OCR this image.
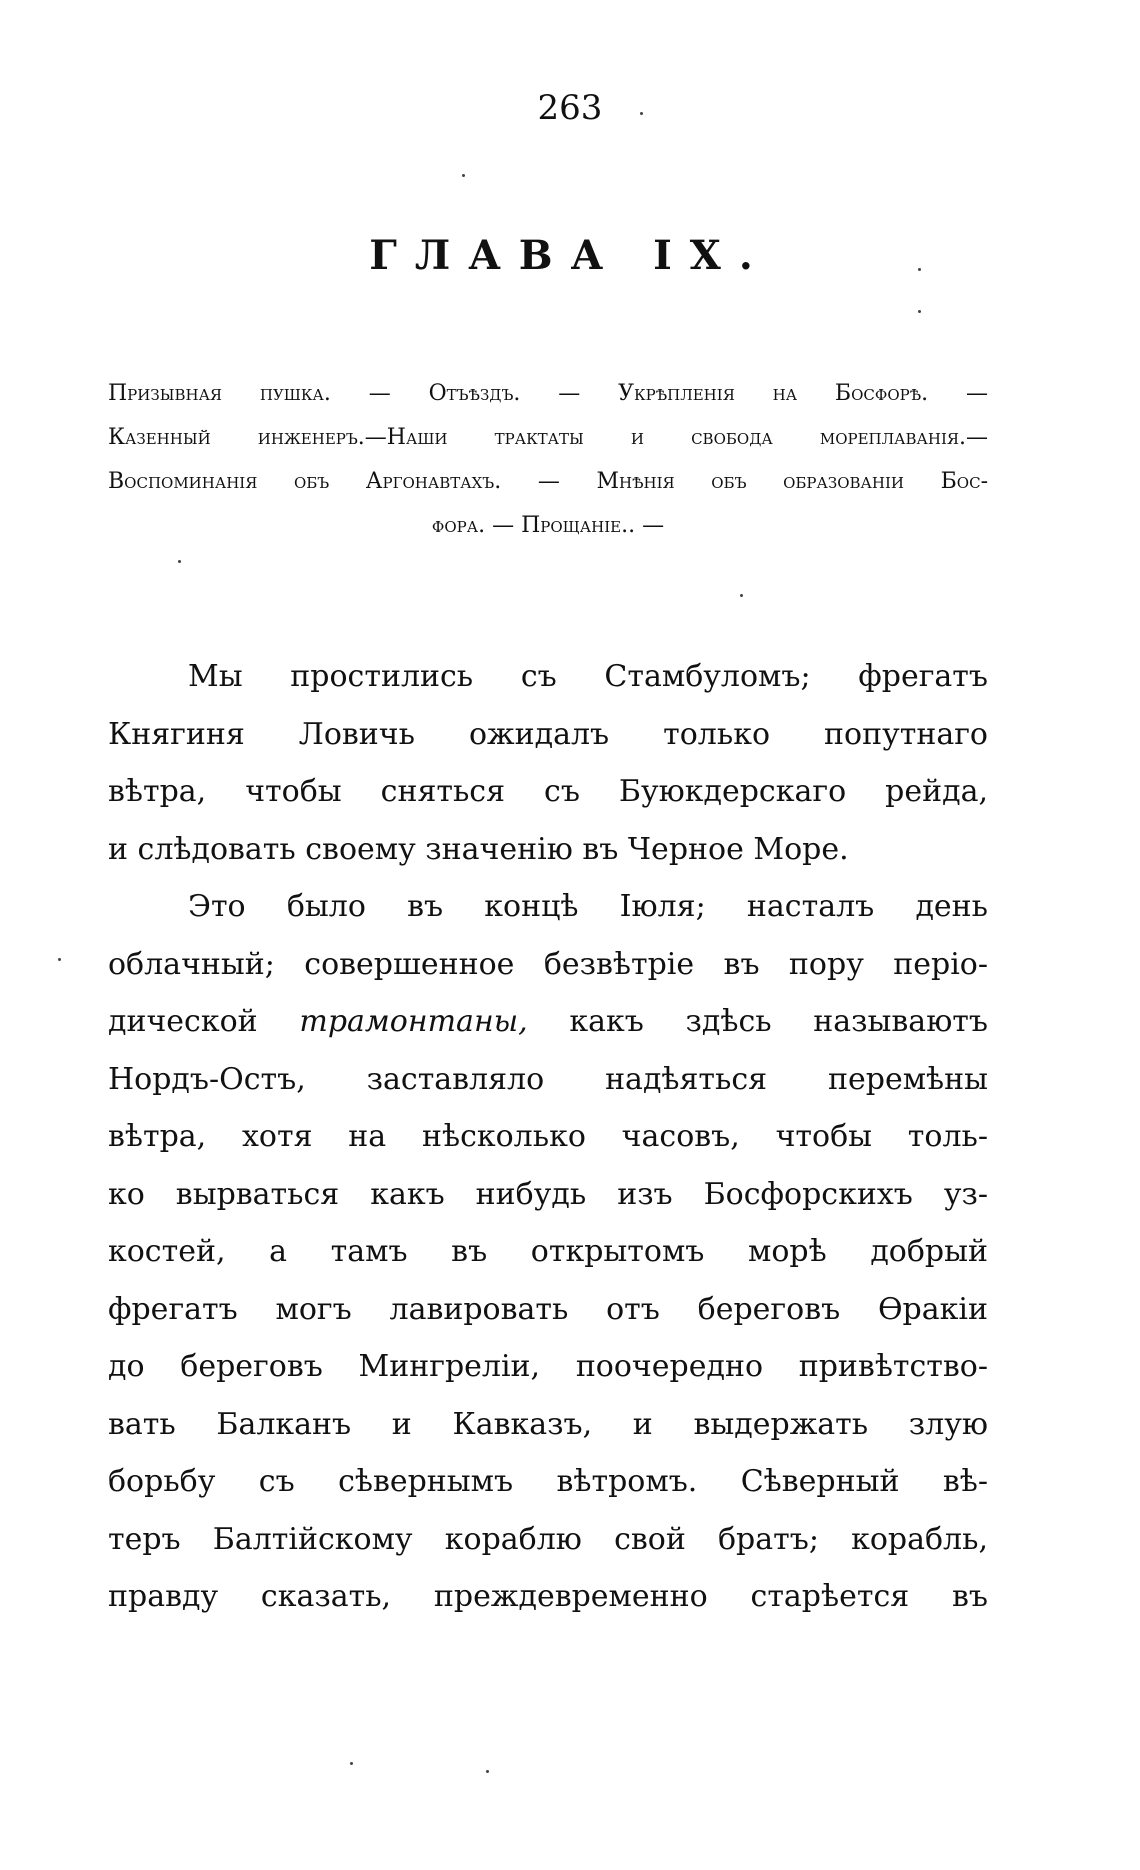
263
ГЛАВА IX.
Призывная пушка. — Отъѣздъ. — Укрѣпленія на Босфорѣ. —
Казенный инженеръ.—Наши трактаты и свобода мореплаванія.—
Воспоминанія объ Аргонавтахъ. — Мнѣнія объ образованіи Бос-
фора. — Прощаніе.. —
Мы простились съ Стамбуломъ; фрегатъ
Княгиня Ловичь ожидалъ только попутнаго
вѣтра, чтобы сняться съ Буюкдерскаго рейда,
и слѣдовать своему значенію въ Черное Море.
Это было въ концѣ Іюля; насталъ день
облачный; совершенное безвѣтріе въ пору періо-
дической трамонтаны, какъ здѣсь называютъ
Нордъ-Остъ, заставляло надѣяться перемѣны
вѣтра, хотя на нѣсколько часовъ, чтобы толь-
ко вырваться какъ нибудь изъ Босфорскихъ уз-
костей, а тамъ въ открытомъ морѣ добрый
фрегатъ могъ лавировать отъ береговъ Ѳракіи
до береговъ Мингреліи, поочередно привѣтство-
вать Балканъ и Кавказъ, и выдержать злую
борьбу съ сѣвернымъ вѣтромъ. Сѣверный вѣ-
теръ Балтійскому кораблю свой братъ; корабль,
правду сказать, преждевременно старѣется въ
